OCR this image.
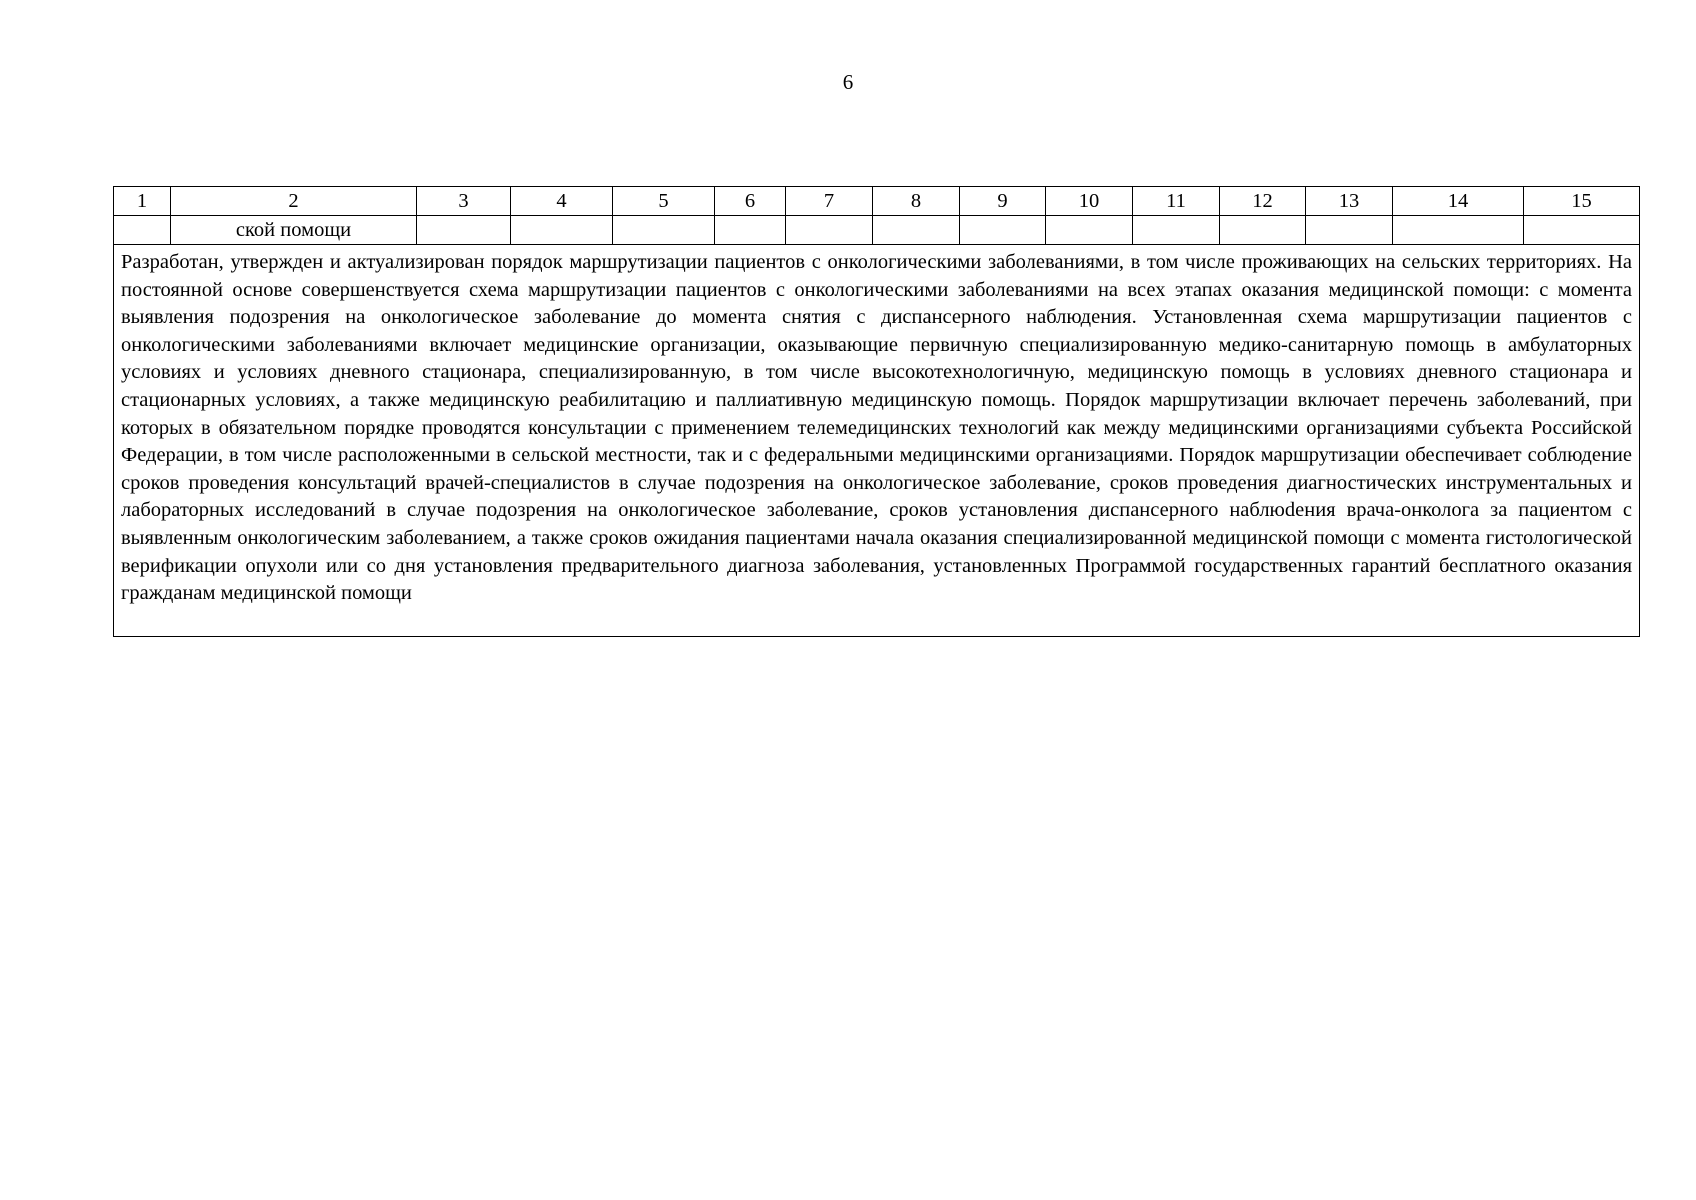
6
1	2	3	4	5	6	7	8	9	10	11	12	13	14	15
	ской помощи													
Разработан, утвержден и актуализирован порядок маршрутизации пациентов с онкологическими заболеваниями, в том числе проживающих на сельских территориях. На постоянной основе совершенствуется схема маршрутизации пациентов с онкологическими заболеваниями на всех этапах оказания медицинской помощи: с момента выявления подозрения на онкологическое заболевание до момента снятия с диспансерного наблюдения. Установленная схема маршрутизации пациентов с онкологическими заболеваниями включает медицинские организации, оказывающие первичную специализированную медико-санитарную помощь в амбулаторных условиях и условиях дневного стационара, специализированную, в том числе высокотехнологичную, медицинскую помощь в условиях дневного стационара и стационарных условиях, а также медицинскую реабилитацию и паллиативную медицинскую помощь. Порядок маршрутизации включает перечень заболеваний, при которых в обязательном порядке проводятся консультации с применением телемедицинских технологий как между медицинскими организациями субъекта Российской Федерации, в том числе расположенными в сельской местности, так и с федеральными медицинскими организациями. Порядок маршрутизации обеспечивает соблюдение сроков проведения консультаций врачей-специалистов в случае подозрения на онкологическое заболевание, сроков проведения диагностических инструментальных и лабораторных исследований в случае подозрения на онкологическое заболевание, сроков установления диспансерного наблюdения врача-онколога за пациентом с выявленным онкологическим заболеванием, а также сроков ожидания пациентами начала оказания специализированной медицинской помощи с момента гистологической верификации опухоли или со дня установления предварительного диагноза заболевания, установленных Программой государственных гарантий бесплатного оказания гражданам медицинской помощи														
